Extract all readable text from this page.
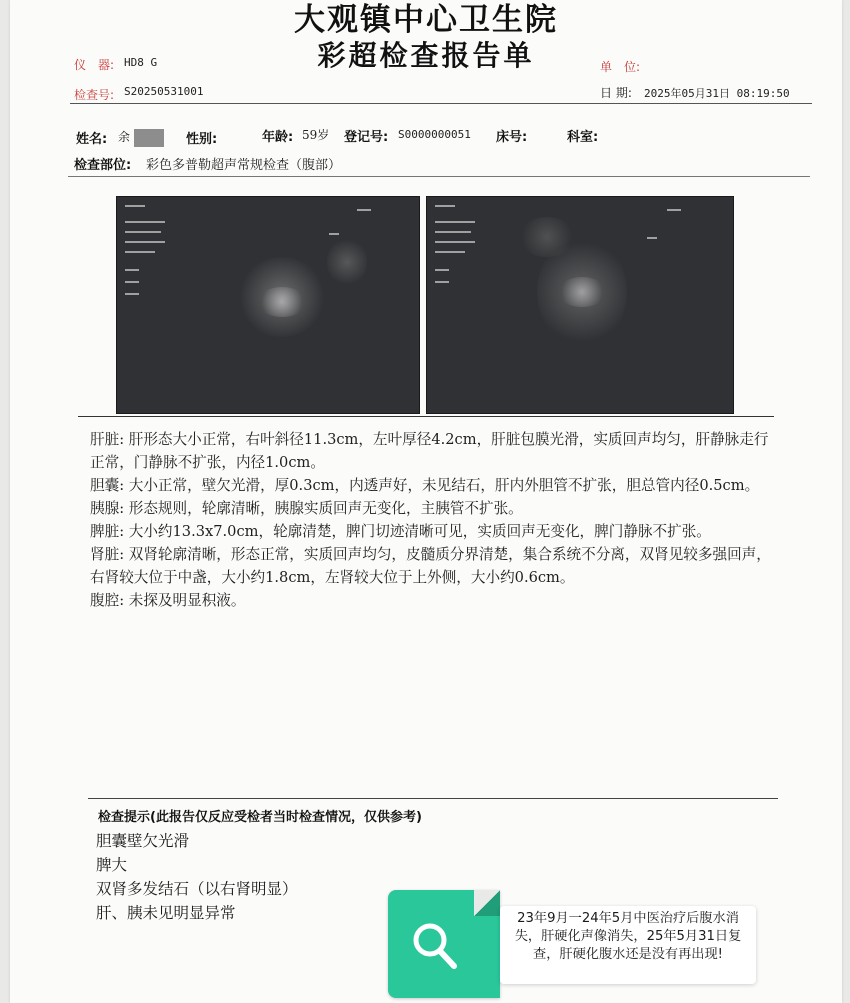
大观镇中心卫生院
彩超检查报告单
仪　器: HD8 G	单　位:
检查号: S20250531001	日 期: 2025年05月31日 08:19:50
姓名: 余	性别:	年龄: 59岁 登记号: S0000000051 床号:	科室:
检查部位: 彩色多普勒超声常规检查（腹部）

肝脏: 肝形态大小正常，右叶斜径11.3cm，左叶厚径4.2cm，肝脏包膜光滑，实质回声均匀，肝静脉走行正常，门静脉不扩张，内径1.0cm。

胆囊: 大小正常，壁欠光滑，厚0.3cm，内透声好，未见结石，肝内外胆管不扩张，胆总管内径0.5cm。

胰腺: 形态规则，轮廓清晰，胰腺实质回声无变化，主胰管不扩张。

脾脏: 大小约13.3x7.0cm，轮廓清楚，脾门切迹清晰可见，实质回声无变化，脾门静脉不扩张。

肾脏: 双肾轮廓清晰，形态正常，实质回声均匀，皮髓质分界清楚，集合系统不分离，双肾见较多强回声，右肾较大位于中盏，大小约1.8cm，左肾较大位于上外侧，大小约0.6cm。

腹腔: 未探及明显积液。

检查提示(此报告仅反应受检者当时检查情况，仅供参考)
胆囊壁欠光滑
脾大
双肾多发结石（以右肾明显）
肝、胰未见明显异常	23年9月一24年5月中医治疗后腹水消失，肝硬化声像消失，25年5月31日复查，肝硬化腹水还是没有再出现!
